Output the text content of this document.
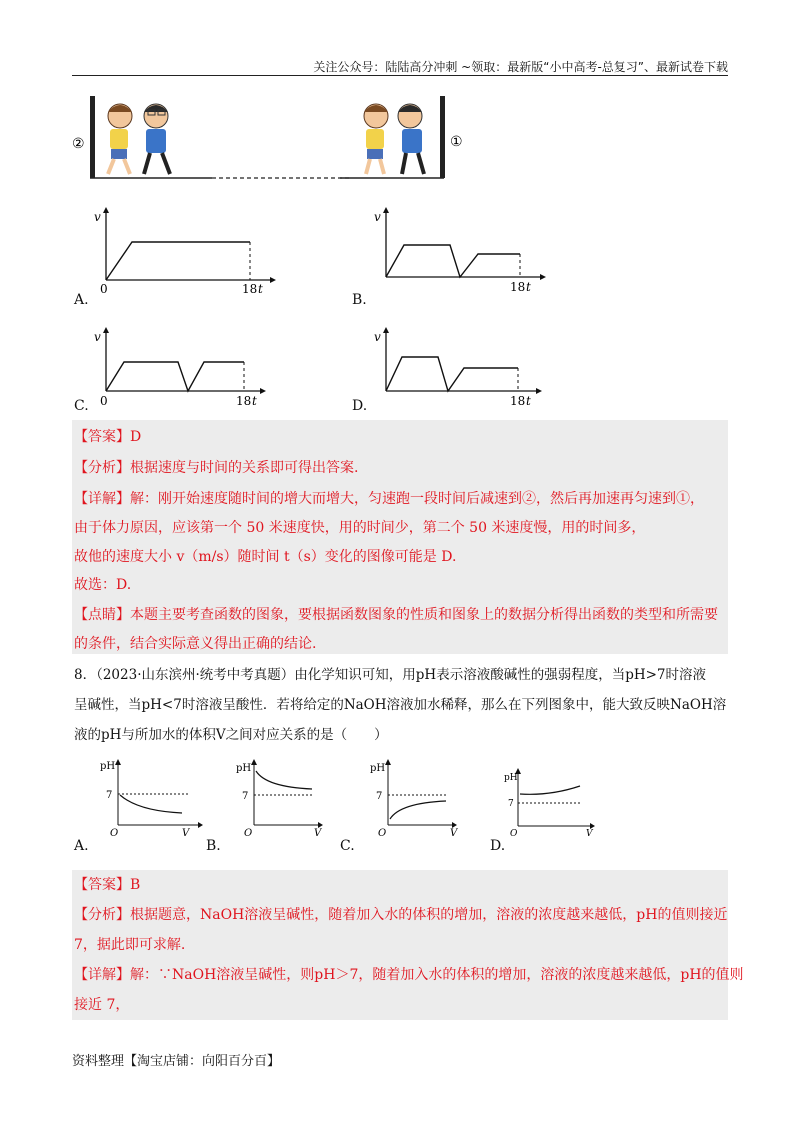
关注公众号：陆陆高分冲刺 ~领取：最新版“小中高考-总复习”、最新试卷下载
②	①
v
0	18 t
A.
v
18 t
B.
v
0	18 t
C.
v
18 t
D.
【答案】D
【分析】根据速度与时间的关系即可得出答案.
【详解】解：刚开始速度随时间的增大而增大，匀速跑一段时间后减速到②，然后再加速再匀速到①，
由于体力原因，应该第一个 50 米速度快，用的时间少，第二个 50 米速度慢，用的时间多，
故他的速度大小 v（m/s）随时间 t（s）变化的图像可能是 D.
故选：D.
【点睛】本题主要考查函数的图象，要根据函数图象的性质和图象上的数据分析得出函数的类型和所需要
的条件，结合实际意义得出正确的结论.
8．（2023·山东滨州·统考中考真题）由化学知识可知，用pH表示溶液酸碱性的强弱程度，当pH>7时溶液
呈碱性，当pH<7时溶液呈酸性．若将给定的NaOH溶液加水稀释，那么在下列图象中，能大致反映NaOH溶
液的pH与所加水的体积V之间对应关系的是（　　）
pH
7
O	V
A.
pH
7
O	V
B.
pH
7
O	V
C.
pH
7
O	V
D.
【答案】B
【分析】根据题意，NaOH溶液呈碱性，随着加入水的体积的增加，溶液的浓度越来越低，pH的值则接近
7，据此即可求解.
【详解】解：∵NaOH溶液呈碱性，则pH＞7，随着加入水的体积的增加，溶液的浓度越来越低，pH的值则
接近 7，
资料整理【淘宝店铺：向阳百分百】
